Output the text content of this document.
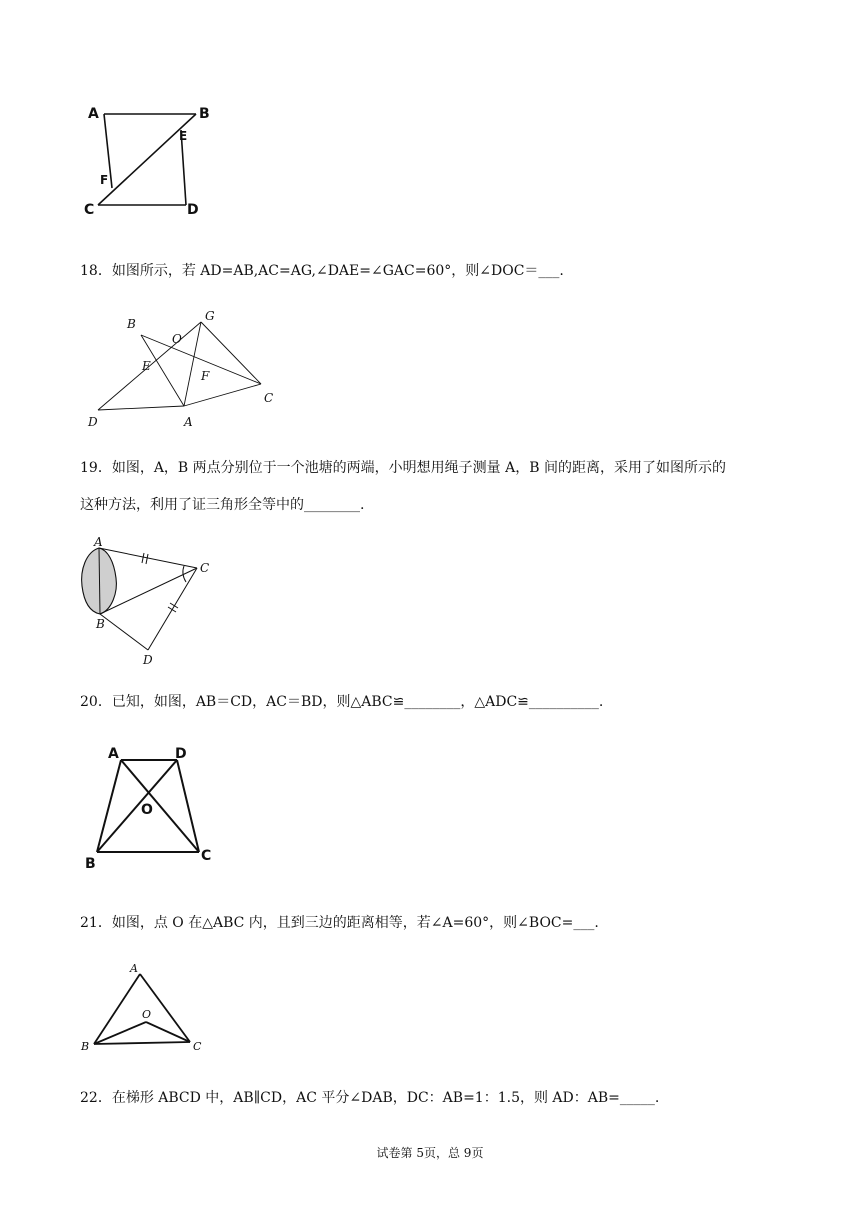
A	B
E
F
C	D
18．如图所示，若 AD=AB,AC=AG,∠DAE=∠GAC=60°，则∠DOC＝___.
B
O
G
E
F
C
D	A
19．如图，A，B 两点分别位于一个池塘的两端，小明想用绳子测量 A，B 间的距离，采用了如图所示的
这种方法，利用了证三角形全等中的________.
A
C
B
D
20．已知，如图，AB＝CD，AC＝BD，则△ABC≌________，△ADC≌__________.
A	D
O
B	C
21．如图，点 O 在△ABC 内，且到三边的距离相等，若∠A=60°，则∠BOC=___.
A
O
B	C
22．在梯形 ABCD 中，AB∥CD，AC 平分∠DAB，DC：AB=1：1.5，则 AD：AB=_____.
试卷第 5页，总 9页
